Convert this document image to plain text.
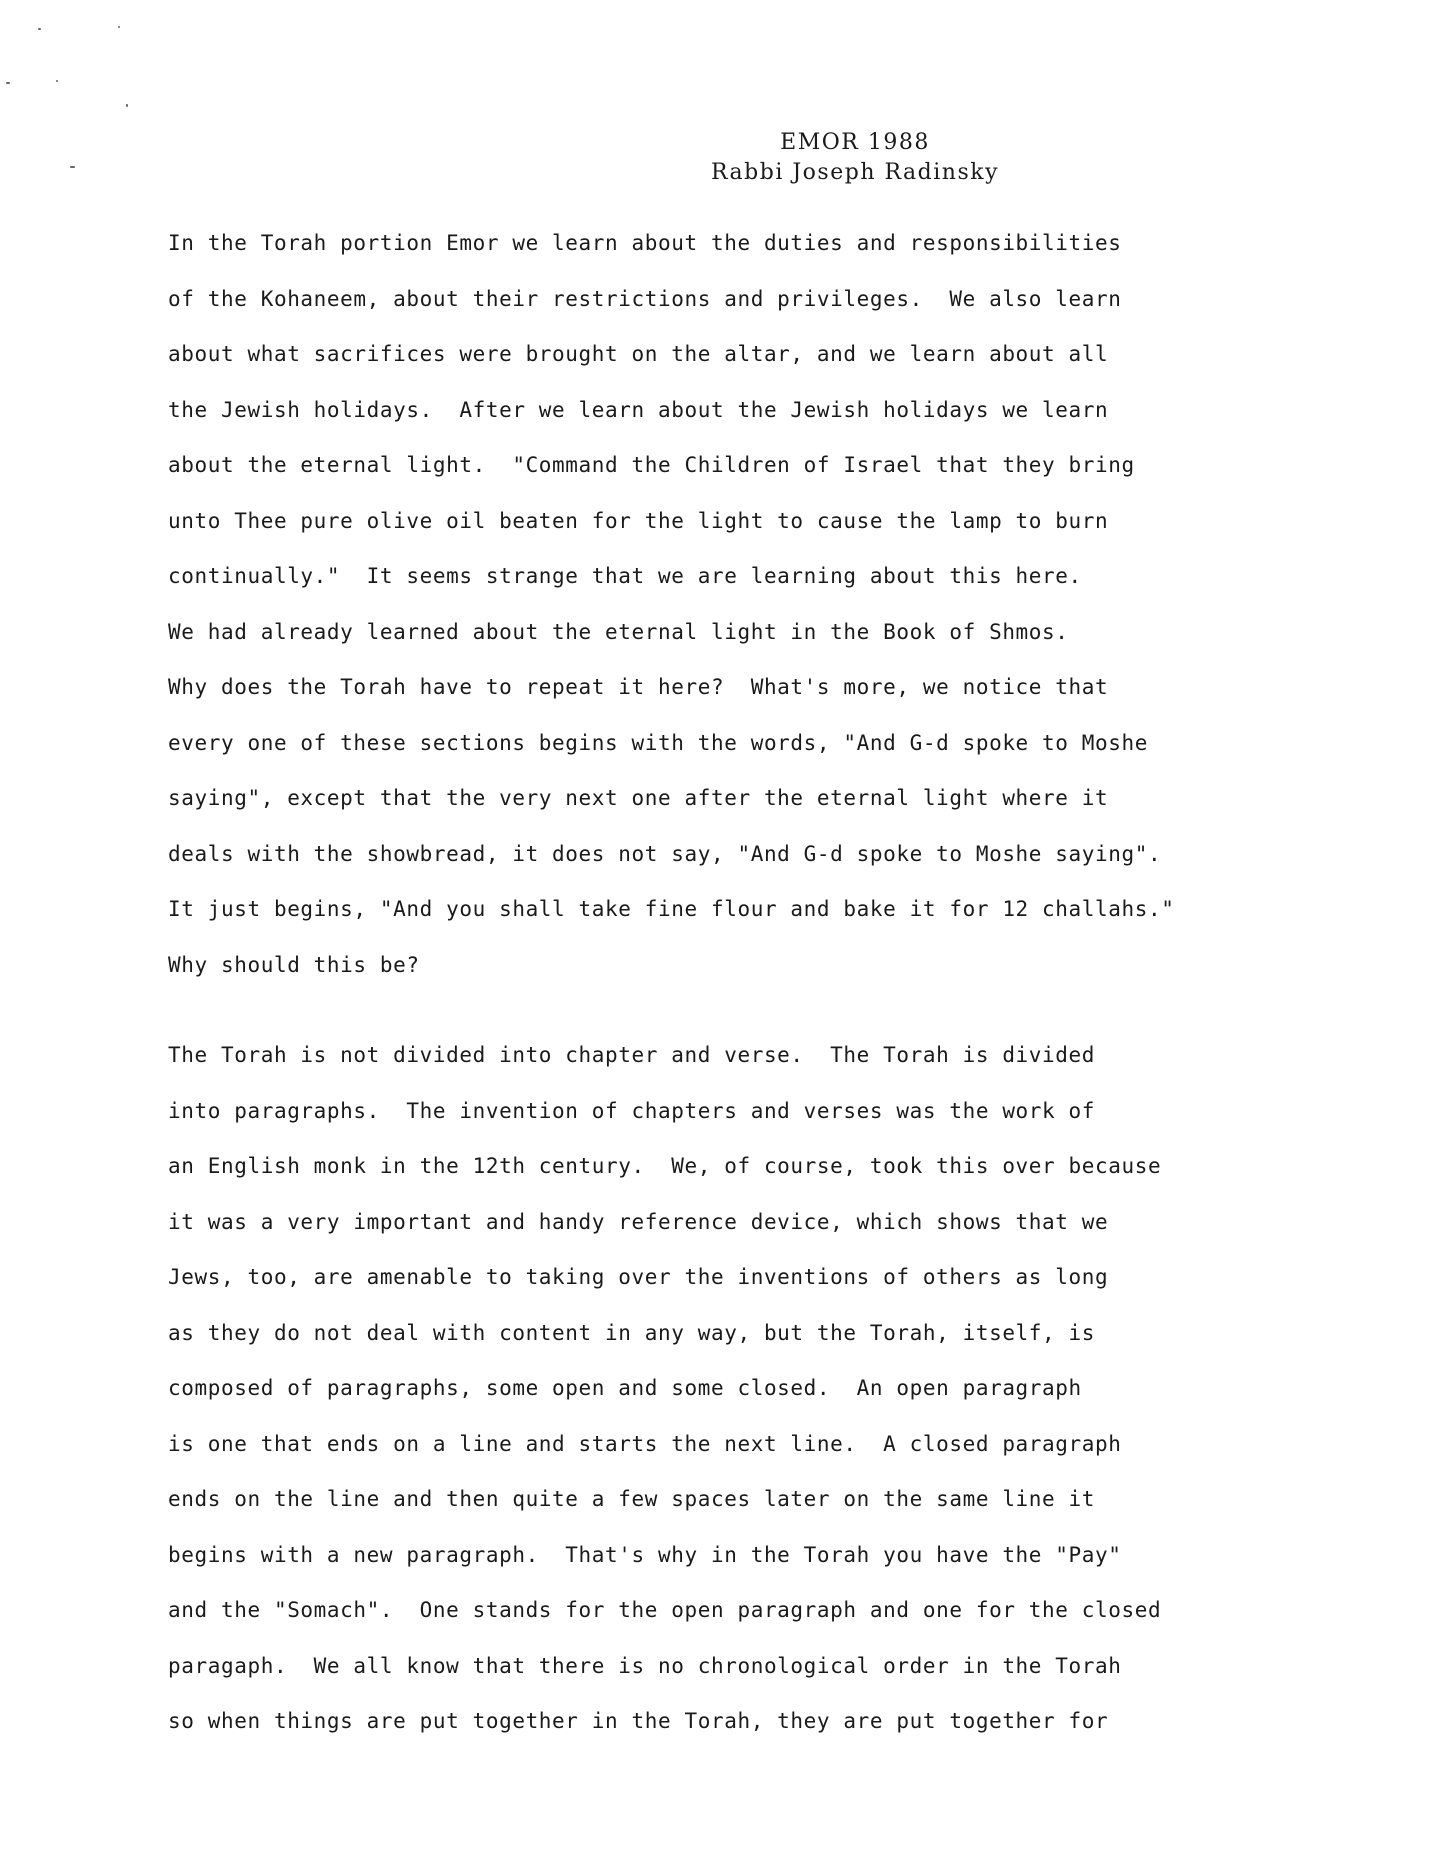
EMOR 1988
Rabbi Joseph Radinsky
In the Torah portion Emor we learn about the duties and responsibilities
of the Kohaneem, about their restrictions and privileges.  We also learn
about what sacrifices were brought on the altar, and we learn about all
the Jewish holidays.  After we learn about the Jewish holidays we learn
about the eternal light.  "Command the Children of Israel that they bring
unto Thee pure olive oil beaten for the light to cause the lamp to burn
continually."  It seems strange that we are learning about this here.
We had already learned about the eternal light in the Book of Shmos.
Why does the Torah have to repeat it here?  What's more, we notice that
every one of these sections begins with the words, "And G-d spoke to Moshe
saying", except that the very next one after the eternal light where it
deals with the showbread, it does not say, "And G-d spoke to Moshe saying".
It just begins, "And you shall take fine flour and bake it for 12 challahs."
Why should this be?
The Torah is not divided into chapter and verse.  The Torah is divided
into paragraphs.  The invention of chapters and verses was the work of
an English monk in the 12th century.  We, of course, took this over because
it was a very important and handy reference device, which shows that we
Jews, too, are amenable to taking over the inventions of others as long
as they do not deal with content in any way, but the Torah, itself, is
composed of paragraphs, some open and some closed.  An open paragraph
is one that ends on a line and starts the next line.  A closed paragraph
ends on the line and then quite a few spaces later on the same line it
begins with a new paragraph.  That's why in the Torah you have the "Pay"
and the "Somach".  One stands for the open paragraph and one for the closed
paragaph.  We all know that there is no chronological order in the Torah
so when things are put together in the Torah, they are put together for
